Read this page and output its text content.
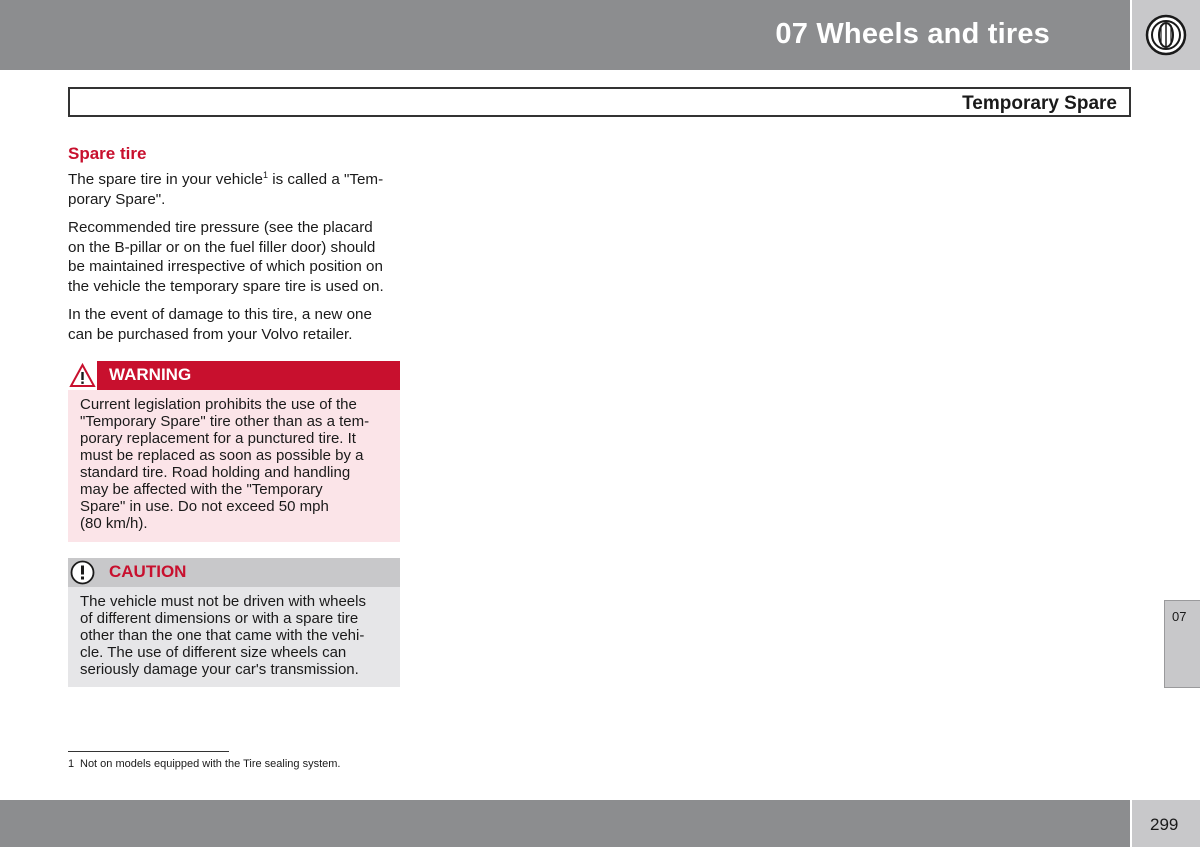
07 Wheels and tires
Temporary Spare
Spare tire

The spare tire in your vehicle$^1$ is called a "Tem-
porary Spare".

Recommended tire pressure (see the placard
on the B-pillar or on the fuel filler door) should
be maintained irrespective of which position on
the vehicle the temporary spare tire is used on.

In the event of damage to this tire, a new one
can be purchased from your Volvo retailer.

WARNING
Current legislation prohibits the use of the
"Temporary Spare" tire other than as a tem-
porary replacement for a punctured tire. It
must be replaced as soon as possible by a
standard tire. Road holding and handling
may be affected with the "Temporary
Spare" in use. Do not exceed 50 mph
(80 km/h).
CAUTION
The vehicle must not be driven with wheels
of different dimensions or with a spare tire
other than the one that came with the vehi-
cle. The use of different size wheels can
seriously damage your car's transmission.
07
1 Not on models equipped with the Tire sealing system.
299
